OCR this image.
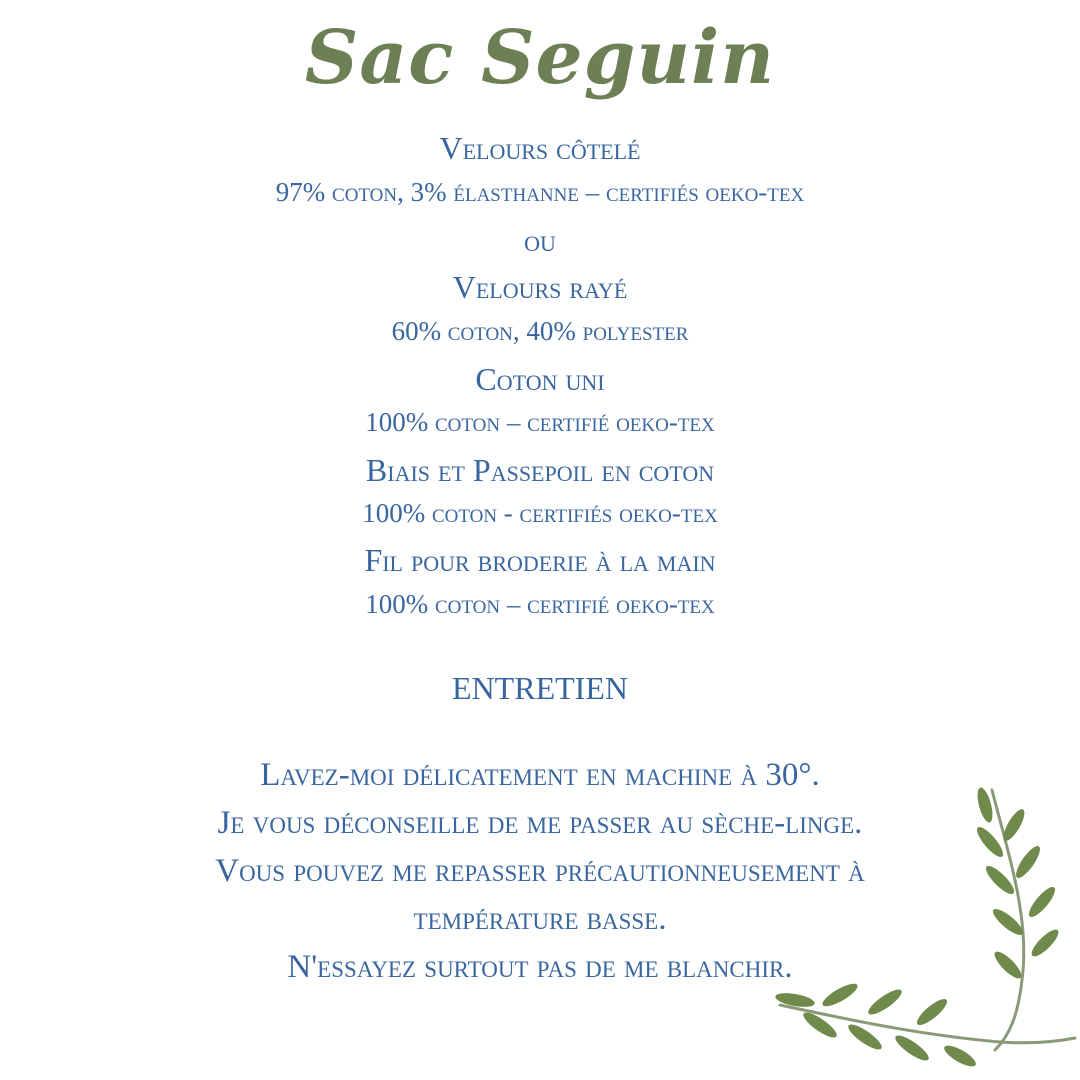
Sac Seguin
Velours côtelé
97% coton, 3% élasthanne – certifiés oeko-tex
ou
Velours rayé
60% coton, 40% polyester
Coton uni
100% coton – certifié oeko-tex
Biais et Passepoil en coton
100% coton - certifiés oeko-tex
Fil pour broderie à la main
100% coton – certifié oeko-tex
ENTRETIEN
Lavez-moi délicatement en machine à 30°.
Je vous déconseille de me passer au sèche-linge.
Vous pouvez me repasser précautionneusement à
température basse.
N'essayez surtout pas de me blanchir.
